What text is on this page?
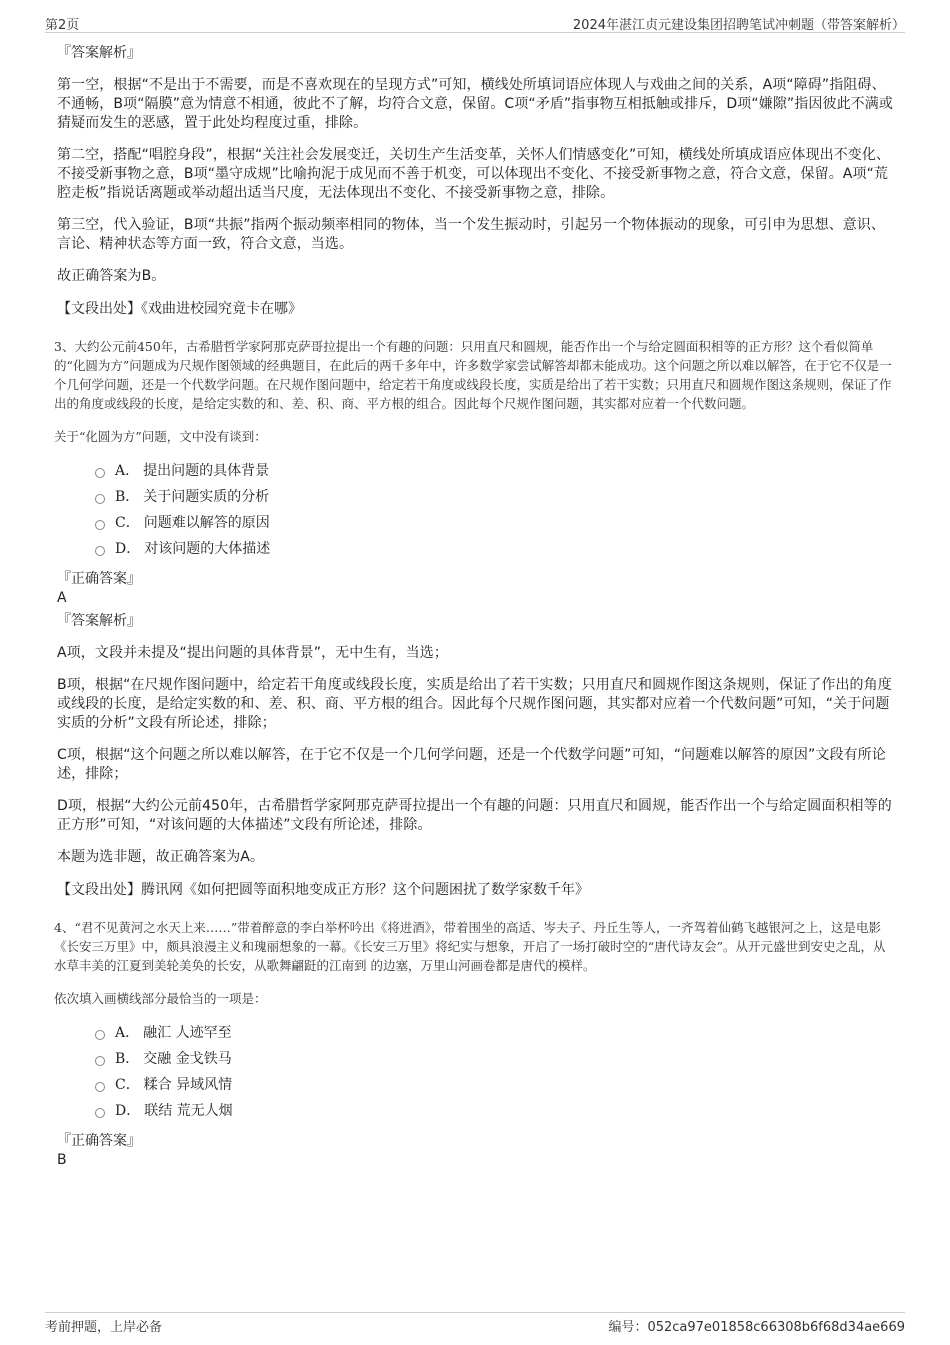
第2页	2024年湛江贞元建设集团招聘笔试冲刺题（带答案解析）

『答案解析』

第一空，根据“不是出于不需要，而是不喜欢现在的呈现方式”可知，横线处所填词语应体现人与戏曲之间的关系，A项“障碍”指阻碍、不通畅，B项“隔膜”意为情意不相通，彼此不了解，均符合文意，保留。C项“矛盾”指事物互相抵触或排斥，D项“嫌隙”指因彼此不满或猜疑而发生的恶感，置于此处均程度过重，排除。

第二空，搭配“唱腔身段”，根据“关注社会发展变迁，关切生产生活变革，关怀人们情感变化”可知，横线处所填成语应体现出不变化、不接受新事物之意，B项“墨守成规”比喻拘泥于成见而不善于机变，可以体现出不变化、不接受新事物之意，符合文意，保留。A项“荒腔走板”指说话离题或举动超出适当尺度，无法体现出不变化、不接受新事物之意，排除。

第三空，代入验证，B项“共振”指两个振动频率相同的物体，当一个发生振动时，引起另一个物体振动的现象，可引申为思想、意识、言论、精神状态等方面一致，符合文意，当选。

故正确答案为B。

【文段出处】《戏曲进校园究竟卡在哪》

3、大约公元前450年，古希腊哲学家阿那克萨哥拉提出一个有趣的问题：只用直尺和圆规，能否作出一个与给定圆面积相等的正方形？这个看似简单的“化圆为方”问题成为尺规作图领域的经典题目，在此后的两千多年中，许多数学家尝试解答却都未能成功。这个问题之所以难以解答，在于它不仅是一个几何学问题，还是一个代数学问题。在尺规作图问题中，给定若干角度或线段长度，实质是给出了若干实数；只用直尺和圆规作图这条规则，保证了作出的角度或线段的长度，是给定实数的和、差、积、商、平方根的组合。因此每个尺规作图问题，其实都对应着一个代数问题。

关于“化圆为方”问题，文中没有谈到：

A． 提出问题的具体背景
B． 关于问题实质的分析
C． 问题难以解答的原因
D． 对该问题的大体描述

『正确答案』

A

『答案解析』

A项，文段并未提及“提出问题的具体背景”，无中生有，当选；

B项，根据“在尺规作图问题中，给定若干角度或线段长度，实质是给出了若干实数；只用直尺和圆规作图这条规则，保证了作出的角度或线段的长度，是给定实数的和、差、积、商、平方根的组合。因此每个尺规作图问题，其实都对应着一个代数问题”可知，“关于问题实质的分析”文段有所论述，排除；

C项，根据“这个问题之所以难以解答，在于它不仅是一个几何学问题，还是一个代数学问题”可知，“问题难以解答的原因”文段有所论述，排除；

D项，根据“大约公元前450年，古希腊哲学家阿那克萨哥拉提出一个有趣的问题：只用直尺和圆规，能否作出一个与给定圆面积相等的正方形”可知，“对该问题的大体描述”文段有所论述，排除。

本题为选非题，故正确答案为A。

【文段出处】腾讯网《如何把圆等面积地变成正方形？这个问题困扰了数学家数千年》

4、“君不见黄河之水天上来……”带着醉意的李白举杯吟出《将进酒》，带着围坐的高适、岑夫子、丹丘生等人，一齐驾着仙鹤飞越银河之上，这是电影《长安三万里》中，颇具浪漫主义和瑰丽想象的一幕。《长安三万里》将纪实与想象，开启了一场打破时空的“唐代诗友会”。从开元盛世到安史之乱，从水草丰美的江夏到美轮美奂的长安，从歌舞翩跹的江南到 的边塞，万里山河画卷都是唐代的模样。

依次填入画横线部分最恰当的一项是：

A． 融汇 人迹罕至
B． 交融 金戈铁马
C． 糅合 异域风情
D． 联结 荒无人烟

『正确答案』

B

考前押题，上岸必备	编号：052ca97e01858c66308b6f68d34ae669
